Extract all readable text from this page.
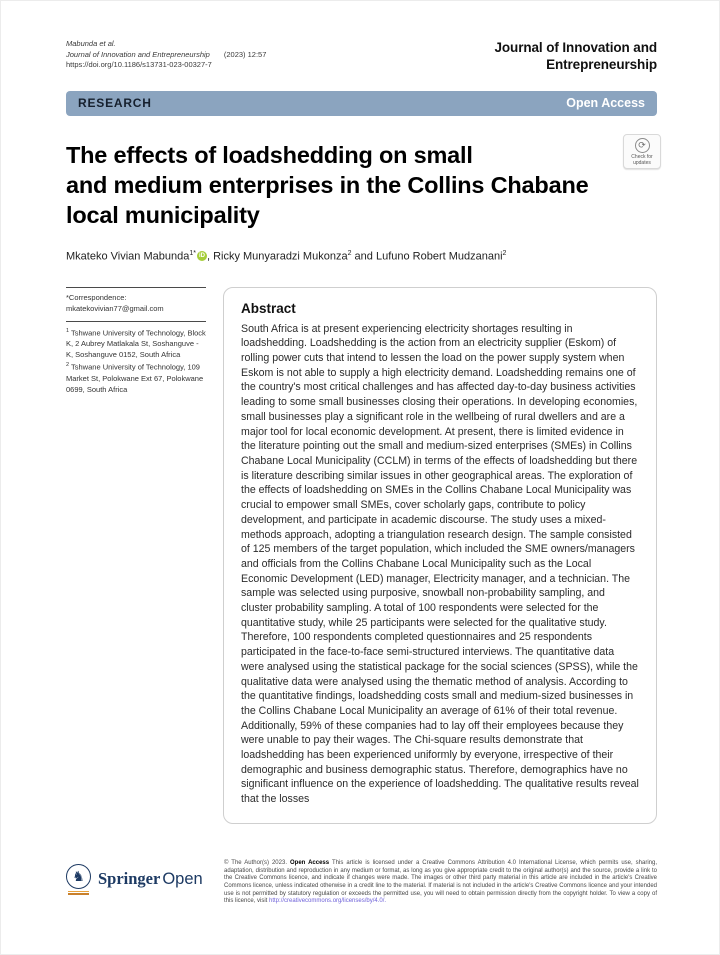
Mabunda et al.
Journal of Innovation and Entrepreneurship (2023) 12:57
https://doi.org/10.1186/s13731-023-00327-7
Journal of Innovation and Entrepreneurship
RESEARCH	Open Access
The effects of loadshedding on small
and medium enterprises in the Collins Chabane
local municipality
⟳
Check for
updates
Mkateko Vivian Mabunda$^{1*}$ iD , Ricky Munyaradzi Mukonza$^2$ and Lufuno Robert Mudzanani$^2$
*Correspondence:
mkatekovivian77@gmail.com
$^1$ Tshwane University of Technology, Block K, 2 Aubrey Matlakala St, Soshanguve - K, Soshanguve 0152, South Africa
$^2$ Tshwane University of Technology, 109 Market St, Polokwane Ext 67, Polokwane 0699, South Africa
Abstract
South Africa is at present experiencing electricity shortages resulting in loadshedding. Loadshedding is the action from an electricity supplier (Eskom) of rolling power cuts that intend to lessen the load on the power supply system when Eskom is not able to supply a high electricity demand. Loadshedding remains one of the country's most critical challenges and has affected day-to-day business activities leading to some small businesses closing their operations. In developing economies, small businesses play a significant role in the wellbeing of rural dwellers and are a major tool for local economic development. At present, there is limited evidence in the literature pointing out the small and medium-sized enterprises (SMEs) in Collins Chabane Local Municipality (CCLM) in terms of the effects of loadshedding but there is literature describing similar issues in other geographical areas. The exploration of the effects of loadshedding on SMEs in the Collins Chabane Local Municipality was crucial to empower small SMEs, cover scholarly gaps, contribute to policy development, and participate in academic discourse. The study uses a mixed-methods approach, adopting a triangulation research design. The sample consisted of 125 members of the target population, which included the SME owners/managers and officials from the Collins Chabane Local Municipality such as the Local Economic Development (LED) manager, Electricity manager, and a technician. The sample was selected using purposive, snowball non-probability sampling, and cluster probability sampling. A total of 100 respondents were selected for the quantitative study, while 25 participants were selected for the qualitative study. Therefore, 100 respondents completed questionnaires and 25 respondents participated in the face-to-face semi-structured interviews. The quantitative data were analysed using the statistical package for the social sciences (SPSS), while the qualitative data were analysed using the thematic method of analysis. According to the quantitative findings, loadshedding costs small and medium-sized businesses in the Collins Chabane Local Municipality an average of 61% of their total revenue. Additionally, 59% of these companies had to lay off their employees because they were unable to pay their wages. The Chi-square results demonstrate that loadshedding has been experienced uniformly by everyone, irrespective of their demographic and business demographic status. Therefore, demographics have no significant influence on the experience of loadshedding. The qualitative results reveal that the losses
♞ Springer Open
© The Author(s) 2023. Open Access This article is licensed under a Creative Commons Attribution 4.0 International License, which permits use, sharing, adaptation, distribution and reproduction in any medium or format, as long as you give appropriate credit to the original author(s) and the source, provide a link to the Creative Commons licence, and indicate if changes were made. The images or other third party material in this article are included in the article's Creative Commons licence, unless indicated otherwise in a credit line to the material. If material is not included in the article's Creative Commons licence and your intended use is not permitted by statutory regulation or exceeds the permitted use, you will need to obtain permission directly from the copyright holder. To view a copy of this licence, visit http://creativecommons.org/licenses/by/4.0/.
